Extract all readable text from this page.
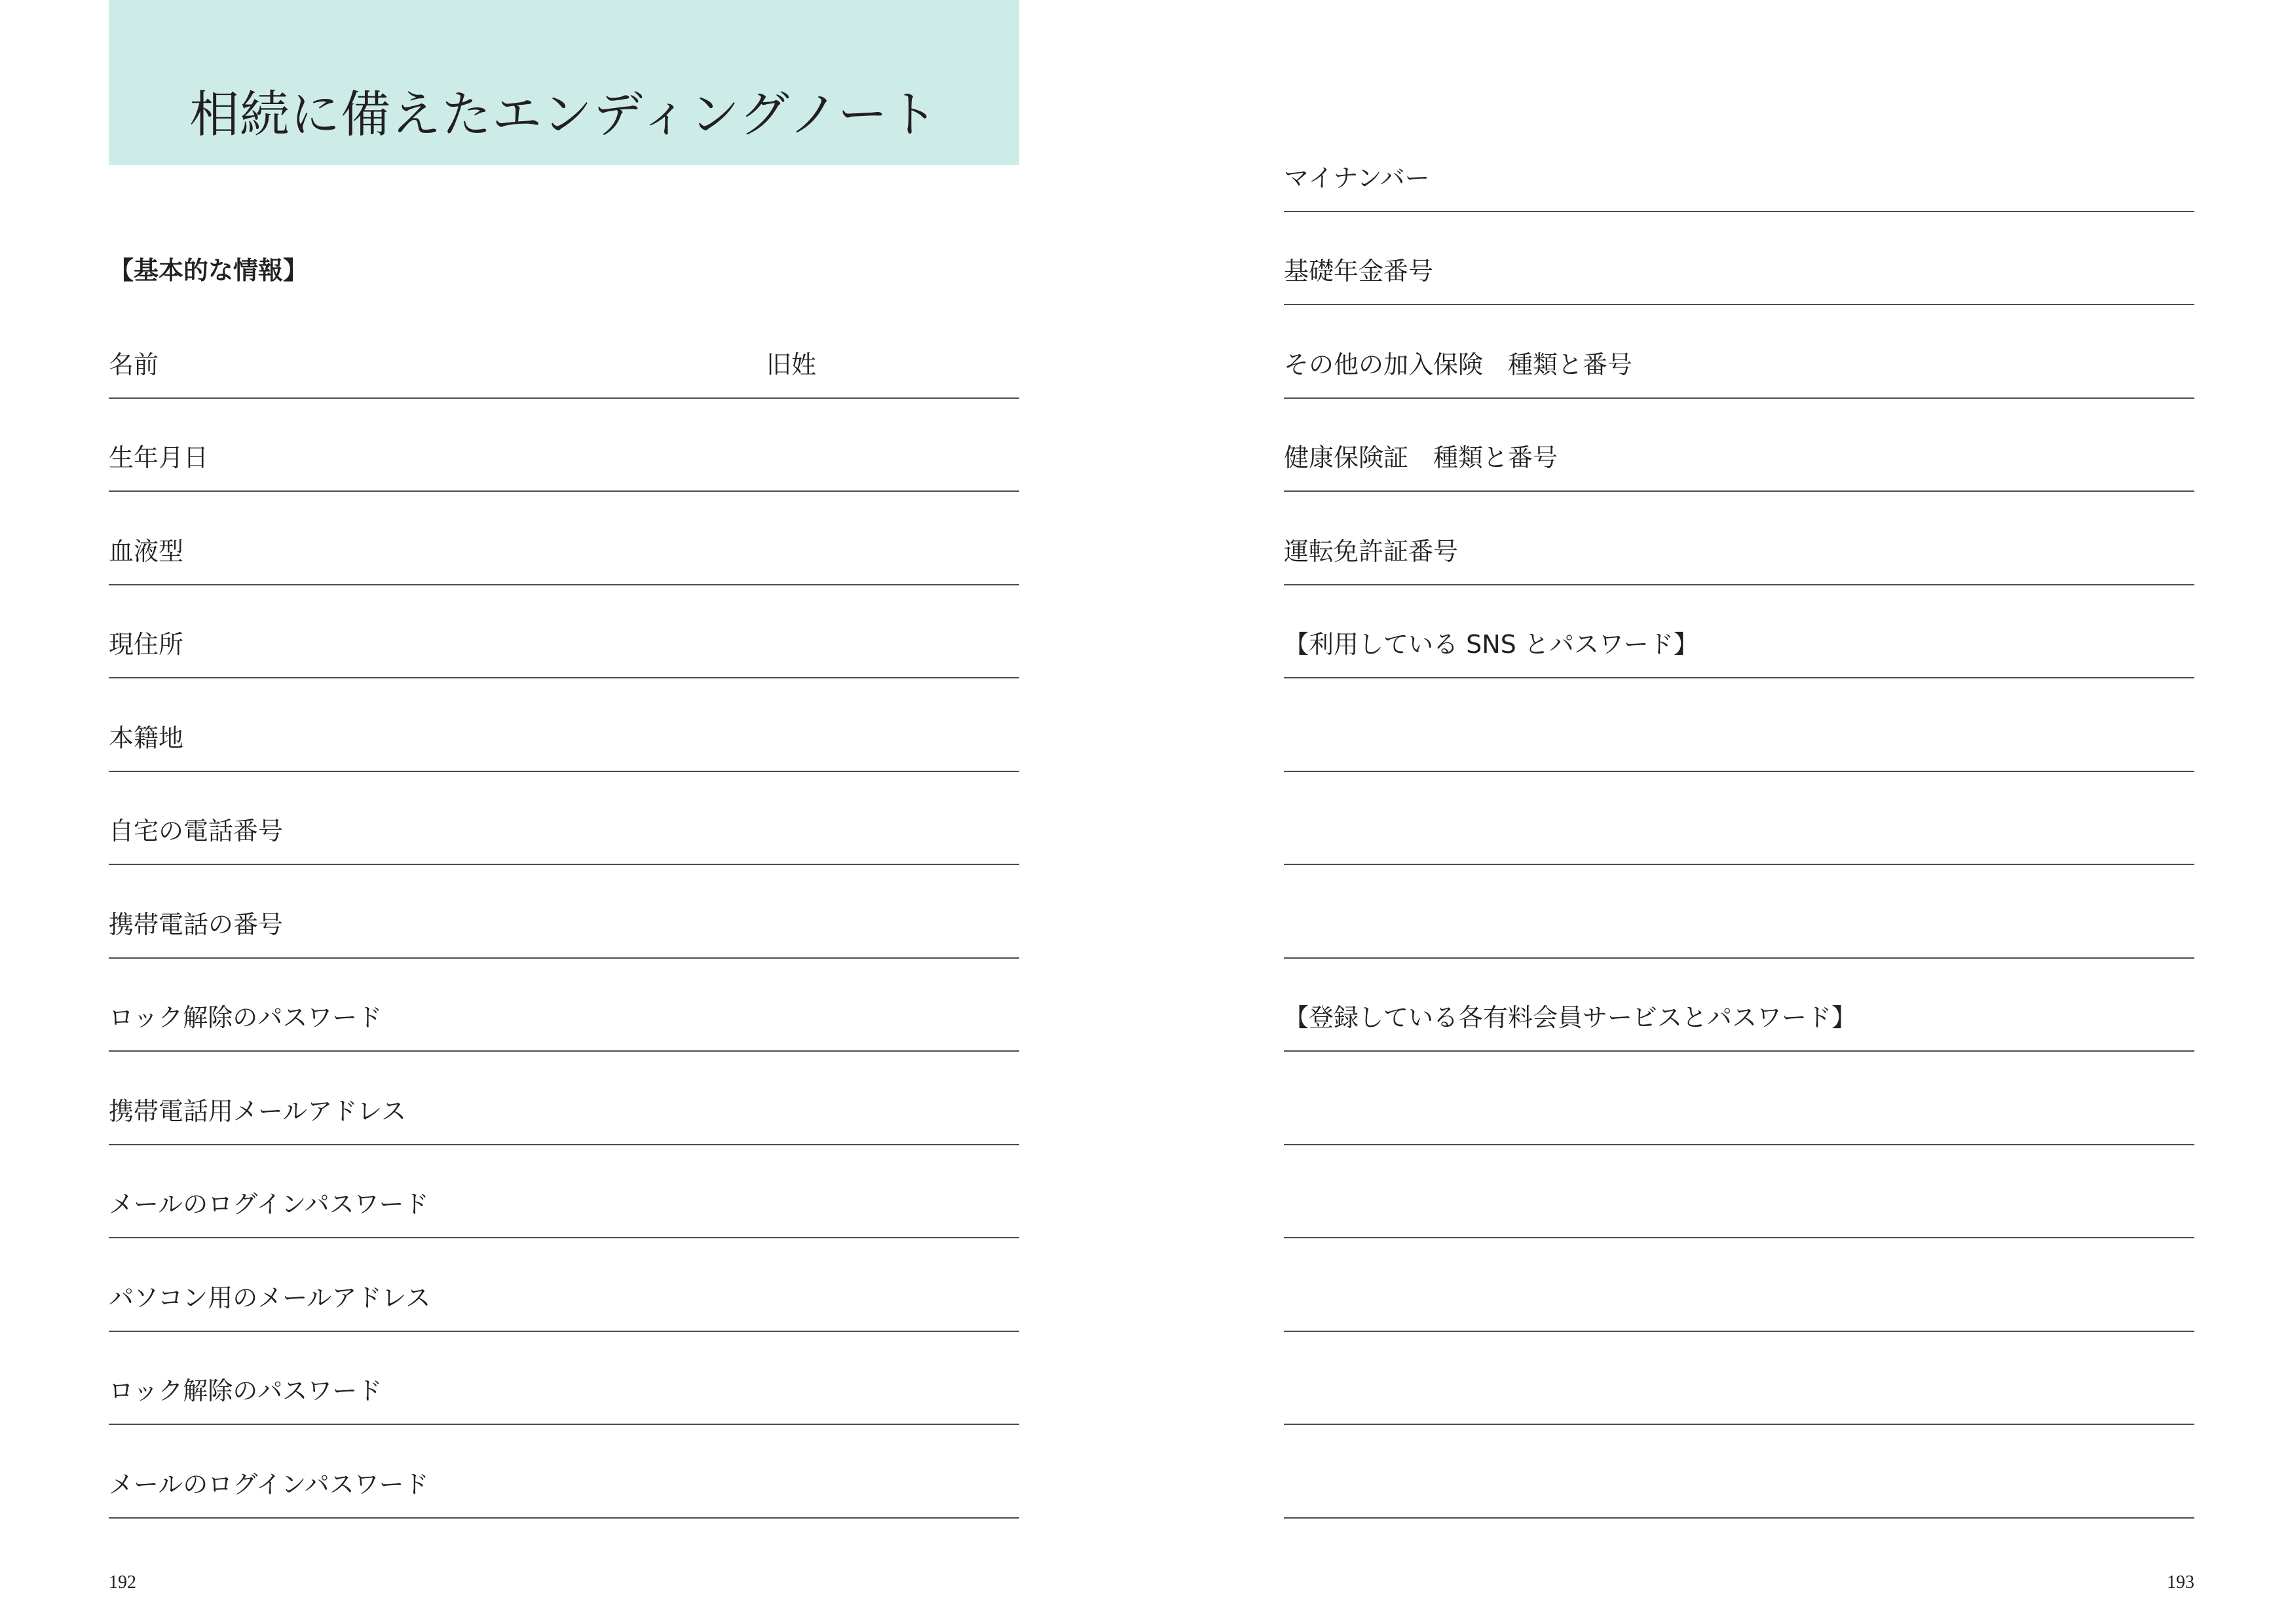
相続に備えたエンディングノート
【基本的な情報】
名前	旧姓
生年月日
血液型
現住所
本籍地
自宅の電話番号
携帯電話の番号
ロック解除のパスワード
携帯電話用メールアドレス
メールのログインパスワード
パソコン用のメールアドレス
ロック解除のパスワード
メールのログインパスワード
192
マイナンバー
基礎年金番号
その他の加入保険　種類と番号
健康保険証　種類と番号
運転免許証番号
【利用している SNS とパスワード】
【登録している各有料会員サービスとパスワード】
193
